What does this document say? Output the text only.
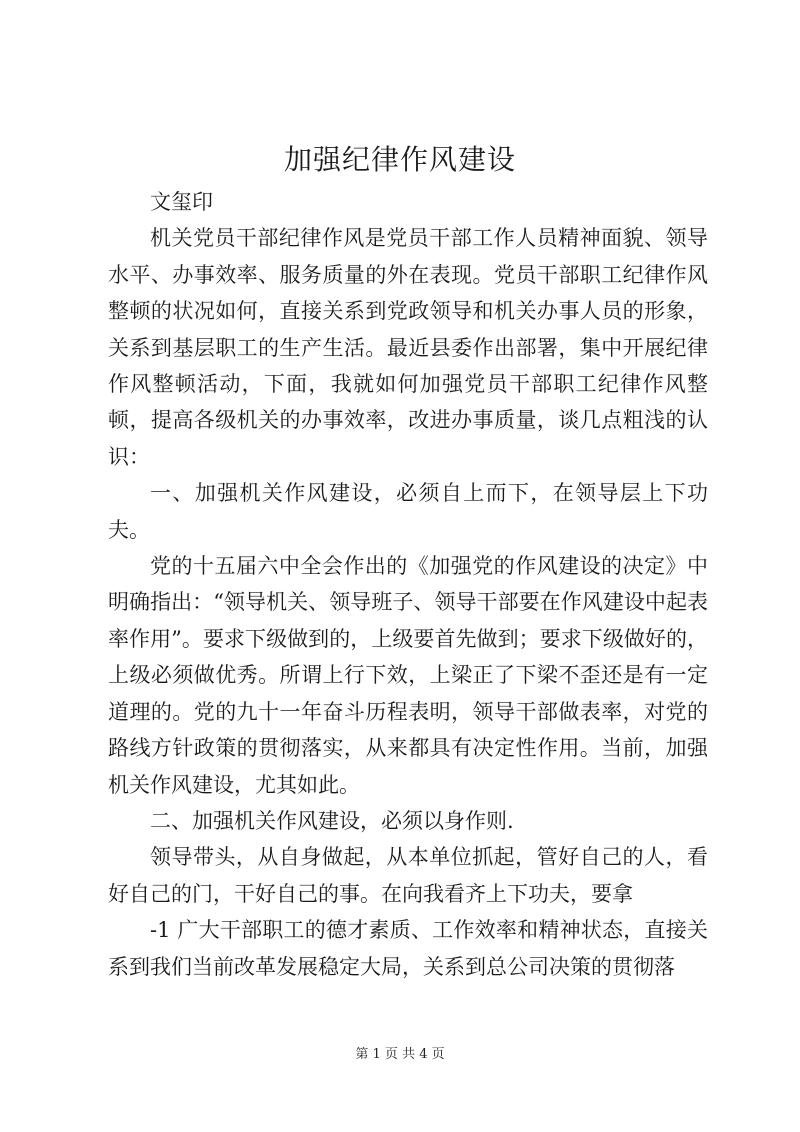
加强纪律作风建设

文玺印

机关党员干部纪律作风是党员干部工作人员精神面貌、领导水平、办事效率、服务质量的外在表现。党员干部职工纪律作风整顿的状况如何，直接关系到党政领导和机关办事人员的形象，关系到基层职工的生产生活。最近县委作出部署，集中开展纪律作风整顿活动，下面，我就如何加强党员干部职工纪律作风整顿，提高各级机关的办事效率，改进办事质量，谈几点粗浅的认识：

一、加强机关作风建设，必须自上而下，在领导层上下功夫。

党的十五届六中全会作出的《加强党的作风建设的决定》中明确指出：“领导机关、领导班子、领导干部要在作风建设中起表率作用”。要求下级做到的，上级要首先做到；要求下级做好的，上级必须做优秀。所谓上行下效，上梁正了下梁不歪还是有一定道理的。党的九十一年奋斗历程表明，领导干部做表率，对党的路线方针政策的贯彻落实，从来都具有决定性作用。当前，加强机关作风建设，尤其如此。

二、加强机关作风建设，必须以身作则.

领导带头，从自身做起，从本单位抓起，管好自己的人，看好自己的门，干好自己的事。在向我看齐上下功夫，要拿

-1 广大干部职工的德才素质、工作效率和精神状态，直接关系到我们当前改革发展稳定大局，关系到总公司决策的贯彻落

第 1 页 共 4 页
